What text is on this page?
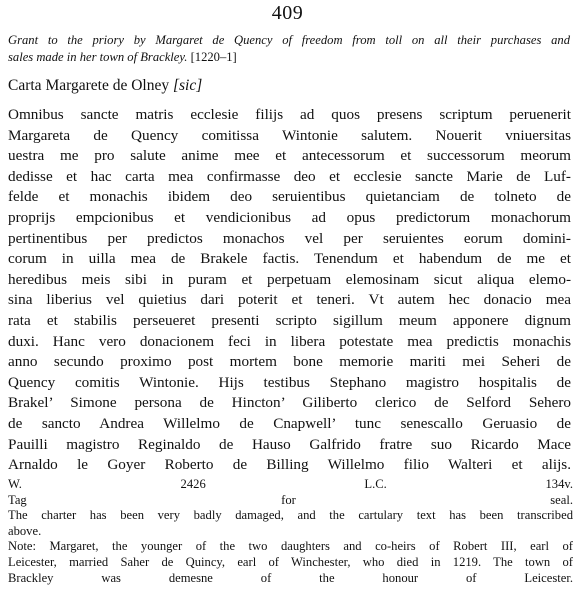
409
Grant to the priory by Margaret de Quency of freedom from toll on all their purchases and
sales made in her town of Brackley. [1220–1]
Carta Margarete de Olney [sic]
Omnibus sancte matris ecclesie filijs ad quos presens scriptum peruenerit
Margareta de Quency comitissa Wintonie salutem. Nouerit vniuersitas
uestra me pro salute anime mee et antecessorum et successorum meorum
dedisse et hac carta mea confirmasse deo et ecclesie sancte Marie de Luf-
felde et monachis ibidem deo seruientibus quietanciam de tolneto de
proprijs empcionibus et vendicionibus ad opus predictorum monachorum
pertinentibus per predictos monachos vel per seruientes eorum domini-
corum in uilla mea de Brakele factis. Tenendum et habendum de me et
heredibus meis sibi in puram et perpetuam elemosinam sicut aliqua elemo-
sina liberius vel quietius dari poterit et teneri. Vt autem hec donacio mea
rata et stabilis perseueret presenti scripto sigillum meum apponere dignum
duxi. Hanc vero donacionem feci in libera potestate mea predictis monachis
anno secundo proximo post mortem bone memorie mariti mei Seheri de
Quency comitis Wintonie. Hijs testibus Stephano magistro hospitalis de
Brakel’ Simone persona de Hincton’ Giliberto clerico de Selford Sehero
de sancto Andrea Willelmo de Cnapwell’ tunc senescallo Geruasio de
Pauilli magistro Reginaldo de Hauso Galfrido fratre suo Ricardo Mace
Arnaldo le Goyer Roberto de Billing Willelmo filio Walteri et alijs.
W. 2426 L.C. 134v.
Tag for seal.
The charter has been very badly damaged, and the cartulary text has been transcribed
above.
Note: Margaret, the younger of the two daughters and co-heirs of Robert III, earl of
Leicester, married Saher de Quincy, earl of Winchester, who died in 1219. The town of
Brackley was demesne of the honour of Leicester.
